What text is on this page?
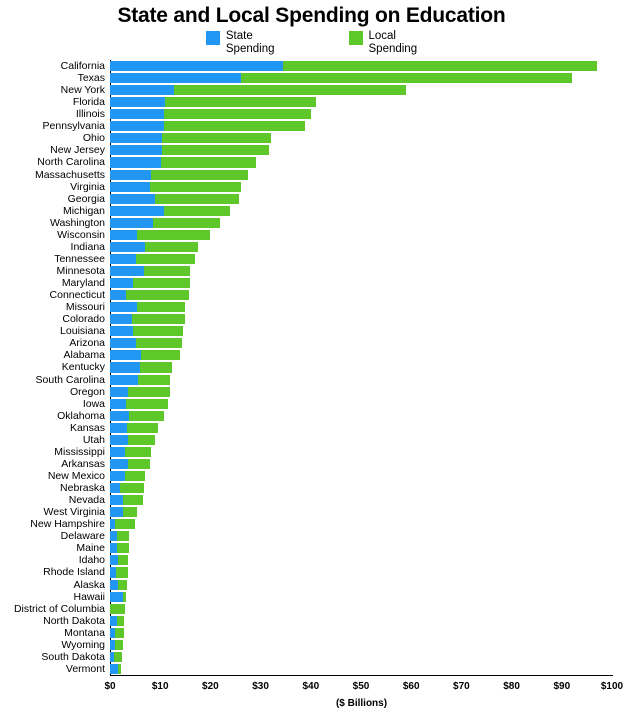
State and Local Spending on Education
State
Spending
Local
Spending
California
Texas
New York
Florida
Illinois
Pennsylvania
Ohio
New Jersey
North Carolina
Massachusetts
Virginia
Georgia
Michigan
Washington
Wisconsin
Indiana
Tennessee
Minnesota
Maryland
Connecticut
Missouri
Colorado
Louisiana
Arizona
Alabama
Kentucky
South Carolina
Oregon
Iowa
Oklahoma
Kansas
Utah
Mississippi
Arkansas
New Mexico
Nebraska
Nevada
West Virginia
New Hampshire
Delaware
Maine
Idaho
Rhode Island
Alaska
Hawaii
District of Columbia
North Dakota
Montana
Wyoming
South Dakota
Vermont
$0	$10	$20	$30	$40	$50	$60	$70	$80	$90	$100
($ Billions)
